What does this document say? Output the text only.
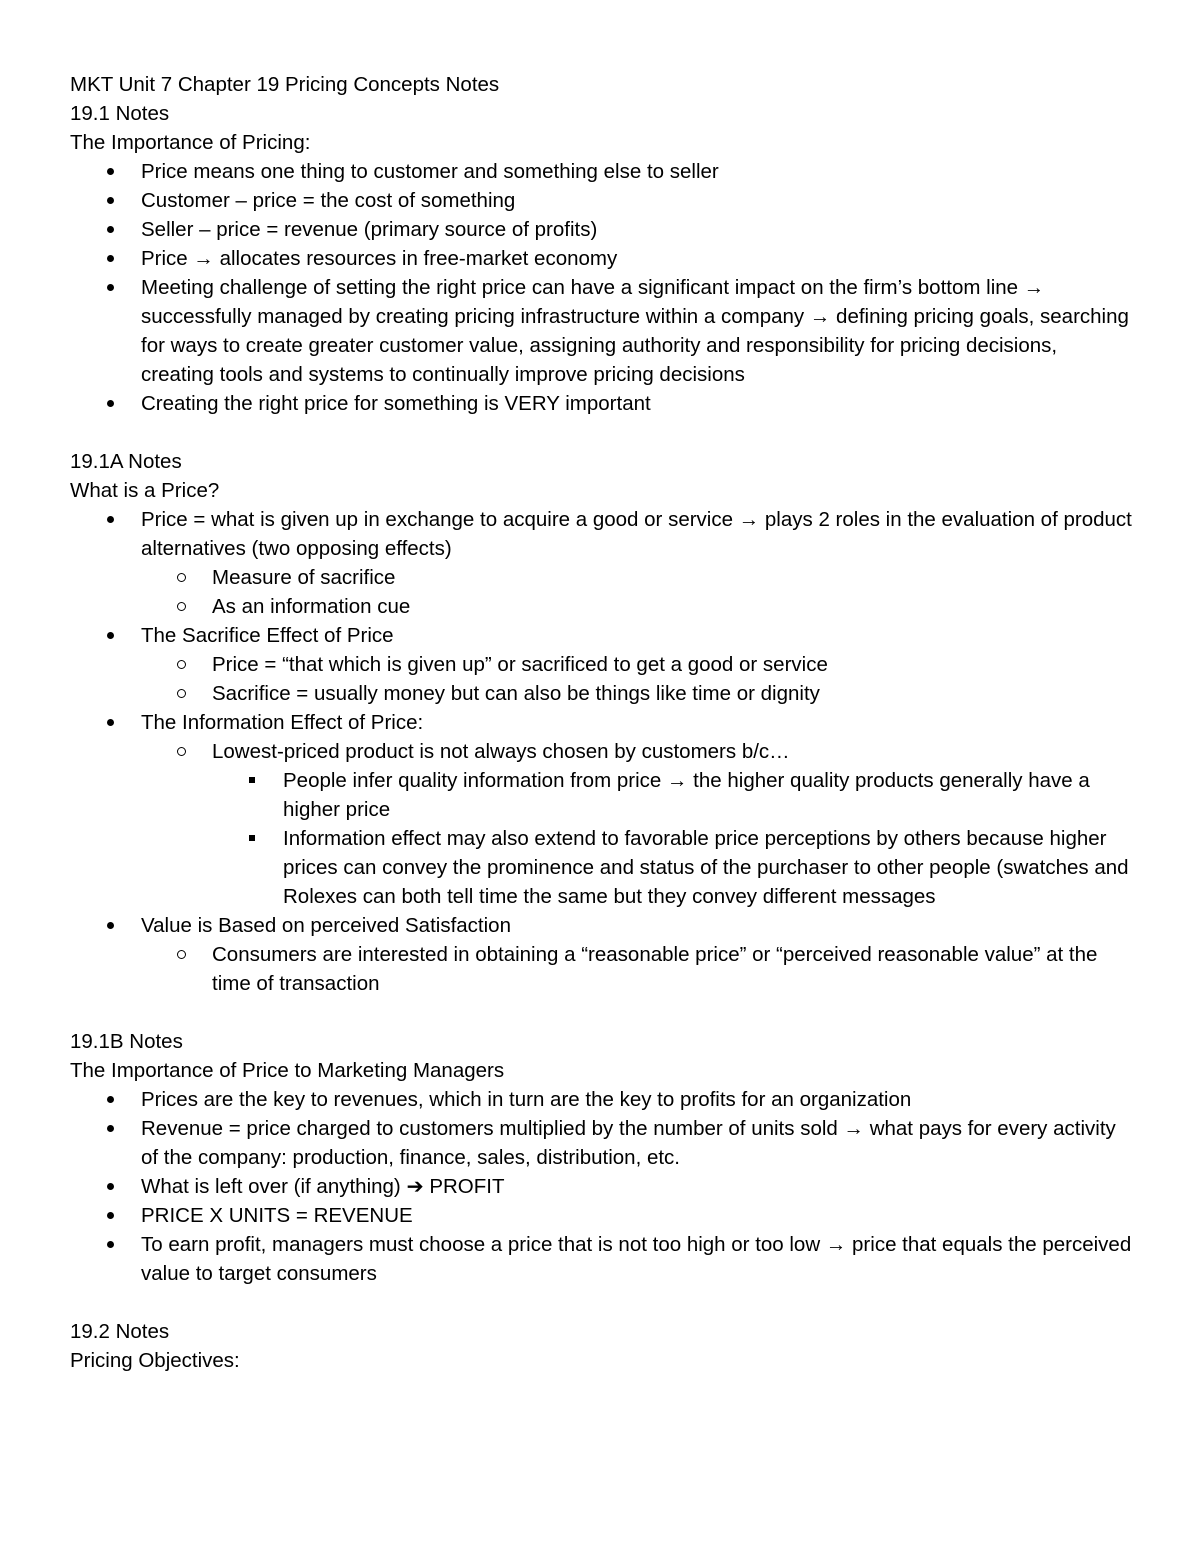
MKT Unit 7 Chapter 19 Pricing Concepts Notes

19.1 Notes

The Importance of Pricing:

Price means one thing to customer and something else to seller
Customer – price = the cost of something
Seller – price = revenue (primary source of profits)
Price → allocates resources in free-market economy
Meeting challenge of setting the right price can have a significant impact on the firm’s bottom line → successfully managed by creating pricing infrastructure within a company → defining pricing goals, searching for ways to create greater customer value, assigning authority and responsibility for pricing decisions, creating tools and systems to continually improve pricing decisions
Creating the right price for something is VERY important

19.1A Notes

What is a Price?

Price = what is given up in exchange to acquire a good or service → plays 2 roles in the evaluation of product alternatives (two opposing effects)
Measure of sacrifice
As an information cue
The Sacrifice Effect of Price
Price = “that which is given up” or sacrificed to get a good or service
Sacrifice = usually money but can also be things like time or dignity
The Information Effect of Price:
Lowest-priced product is not always chosen by customers b/c…
People infer quality information from price → the higher quality products generally have a higher price
Information effect may also extend to favorable price perceptions by others because higher prices can convey the prominence and status of the purchaser to other people (swatches and Rolexes can both tell time the same but they convey different messages
Value is Based on perceived Satisfaction
Consumers are interested in obtaining a “reasonable price” or “perceived reasonable value” at the time of transaction

19.1B Notes

The Importance of Price to Marketing Managers

Prices are the key to revenues, which in turn are the key to profits for an organization
Revenue = price charged to customers multiplied by the number of units sold → what pays for every activity of the company: production, finance, sales, distribution, etc.
What is left over (if anything) ➔ PROFIT
PRICE X UNITS = REVENUE
To earn profit, managers must choose a price that is not too high or too low → price that equals the perceived value to target consumers

19.2 Notes

Pricing Objectives:
